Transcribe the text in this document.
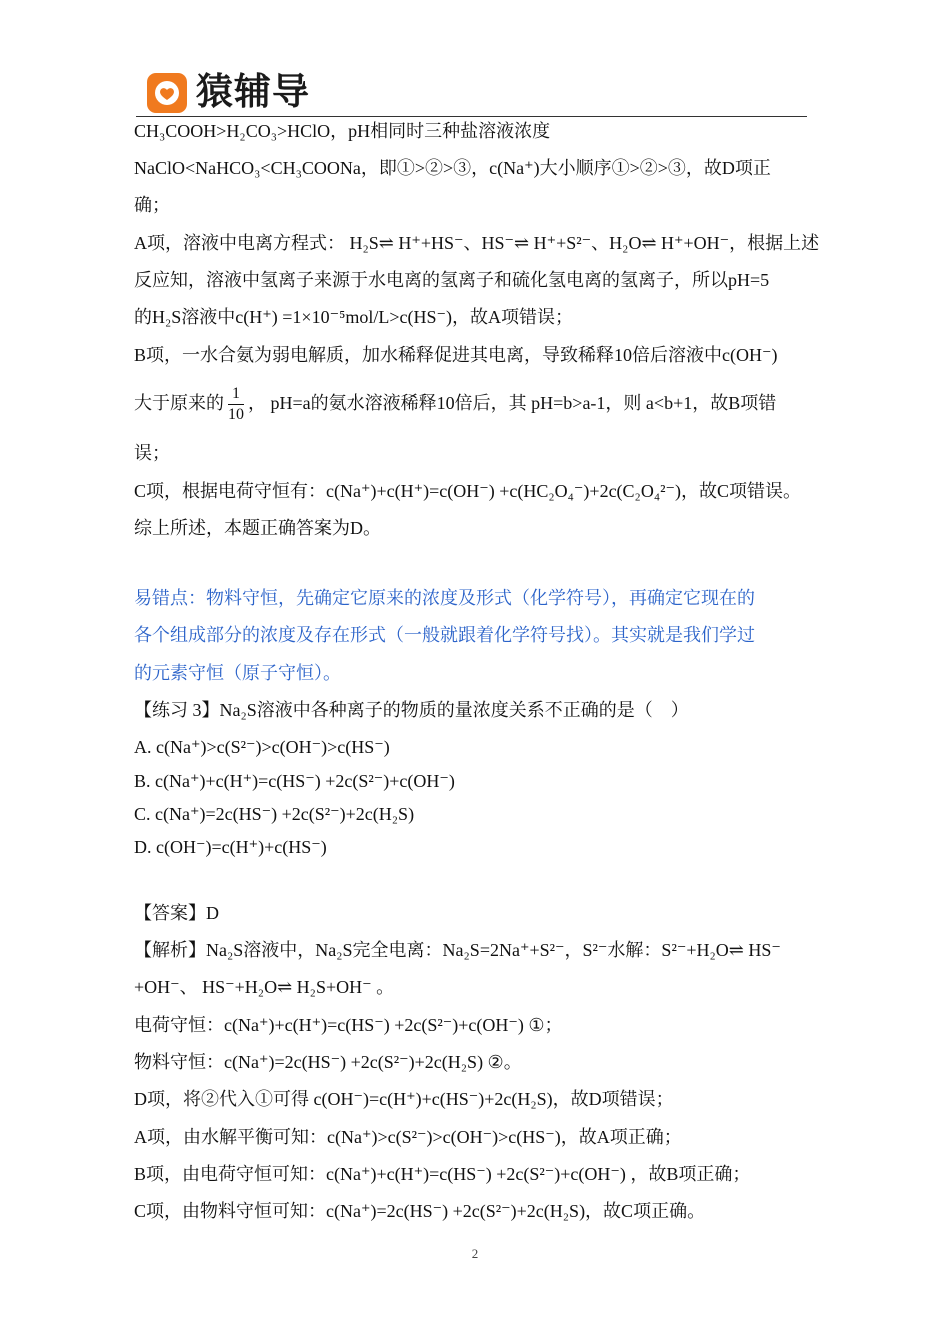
猿辅导
CH₃COOH>H₂CO₃>HClO，pH相同时三种盐溶液浓度
NaClO<NaHCO₃<CH₃COONa，即①>②>③，c(Na⁺)大小顺序①>②>③，故D项正
确；
A项，溶液中电离方程式： H₂S⇌ H⁺+HS⁻、HS⁻⇌ H⁺+S²⁻、H₂O⇌ H⁺+OH⁻，根据上述
反应知，溶液中氢离子来源于水电离的氢离子和硫化氢电离的氢离子，所以pH=5
的H₂S溶液中c(H⁺) =1×10⁻⁵mol/L>c(HS⁻)，故A项错误；
B项，一水合氨为弱电解质，加水稀释促进其电离，导致稀释10倍后溶液中c(OH⁻)
大于原来的 $\frac{1}{10}$ ， pH=a的氨水溶液稀释10倍后，其 pH=b>a-1，则 a<b+1，故B项错
误；
C项，根据电荷守恒有：c(Na⁺)+c(H⁺)=c(OH⁻) +c(HC₂O₄⁻)+2c(C₂O₄²⁻)，故C项错误。
综上所述，本题正确答案为D。
易错点：物料守恒，先确定它原来的浓度及形式（化学符号），再确定它现在的
各个组成部分的浓度及存在形式（一般就跟着化学符号找）。其实就是我们学过
的元素守恒（原子守恒）。
【练习 3】Na₂S溶液中各种离子的物质的量浓度关系不正确的是（　）
A. c(Na⁺)>c(S²⁻)>c(OH⁻)>c(HS⁻)
B. c(Na⁺)+c(H⁺)=c(HS⁻) +2c(S²⁻)+c(OH⁻)
C. c(Na⁺)=2c(HS⁻) +2c(S²⁻)+2c(H₂S)
D. c(OH⁻)=c(H⁺)+c(HS⁻)
【答案】D
【解析】Na₂S溶液中，Na₂S完全电离：Na₂S=2Na⁺+S²⁻，S²⁻水解：S²⁻+H₂O⇌ HS⁻
+OH⁻、 HS⁻+H₂O⇌ H₂S+OH⁻ 。
电荷守恒：c(Na⁺)+c(H⁺)=c(HS⁻) +2c(S²⁻)+c(OH⁻) ①；
物料守恒：c(Na⁺)=2c(HS⁻) +2c(S²⁻)+2c(H₂S) ②。
D项，将②代入①可得 c(OH⁻)=c(H⁺)+c(HS⁻)+2c(H₂S)，故D项错误；
A项，由水解平衡可知：c(Na⁺)>c(S²⁻)>c(OH⁻)>c(HS⁻)，故A项正确；
B项，由电荷守恒可知：c(Na⁺)+c(H⁺)=c(HS⁻) +2c(S²⁻)+c(OH⁻) ，故B项正确；
C项，由物料守恒可知：c(Na⁺)=2c(HS⁻) +2c(S²⁻)+2c(H₂S)，故C项正确。
2
